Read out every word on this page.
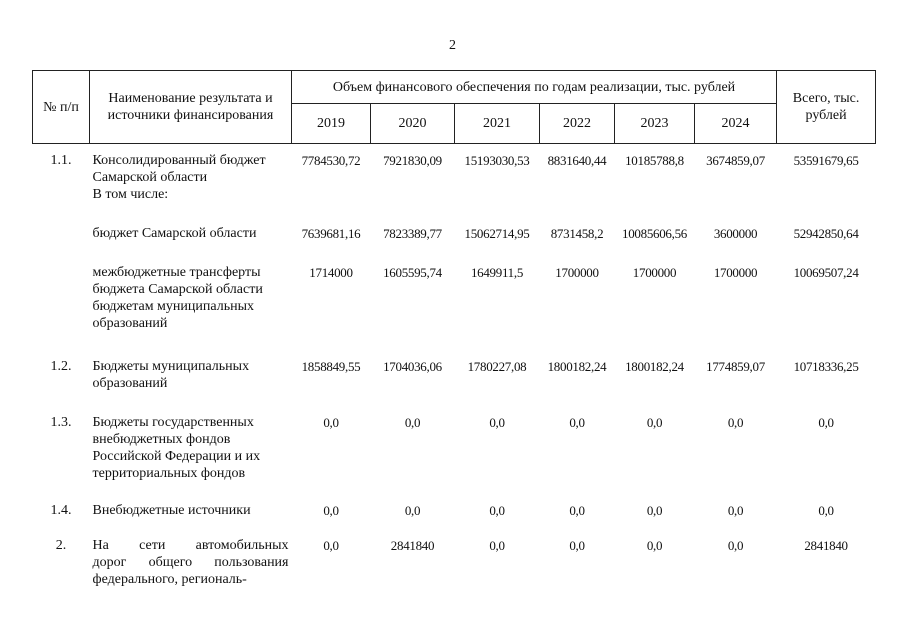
2
№ п/п	Наименование результата и источники финансирования	Объем финансового обеспечения по годам реализации, тыс. рублей						Всего, тыс. рублей
		2019	2020	2021	2022	2023	2024	
1.1.	Консолидированный бюджет
Самарской области
В том числе:	7784530,72	7921830,09	15193030,53	8831640,44	10185788,8	3674859,07	53591679,65

	бюджет Самарской области	7639681,16	7823389,77	15062714,95	8731458,2	10085606,56	3600000	52942850,64

	межбюджетные трансферты
бюджета Самарской области
бюджетам муниципальных
образований	1714000	1605595,74	1649911,5	1700000	1700000	1700000	10069507,24
1.2.	Бюджеты муниципальных
образований	1858849,55	1704036,06	1780227,08	1800182,24	1800182,24	1774859,07	10718336,25
1.3.	Бюджеты государственных
внебюджетных фондов
Российской Федерации и их
территориальных фондов	0,0	0,0	0,0	0,0	0,0	0,0	0,0
1.4.	Внебюджетные источники	0,0	0,0	0,0	0,0	0,0	0,0	0,0
2.	На сети автомобильных
дорог общего пользования
федерального, региональ-	0,0	2841840	0,0	0,0	0,0	0,0	2841840
